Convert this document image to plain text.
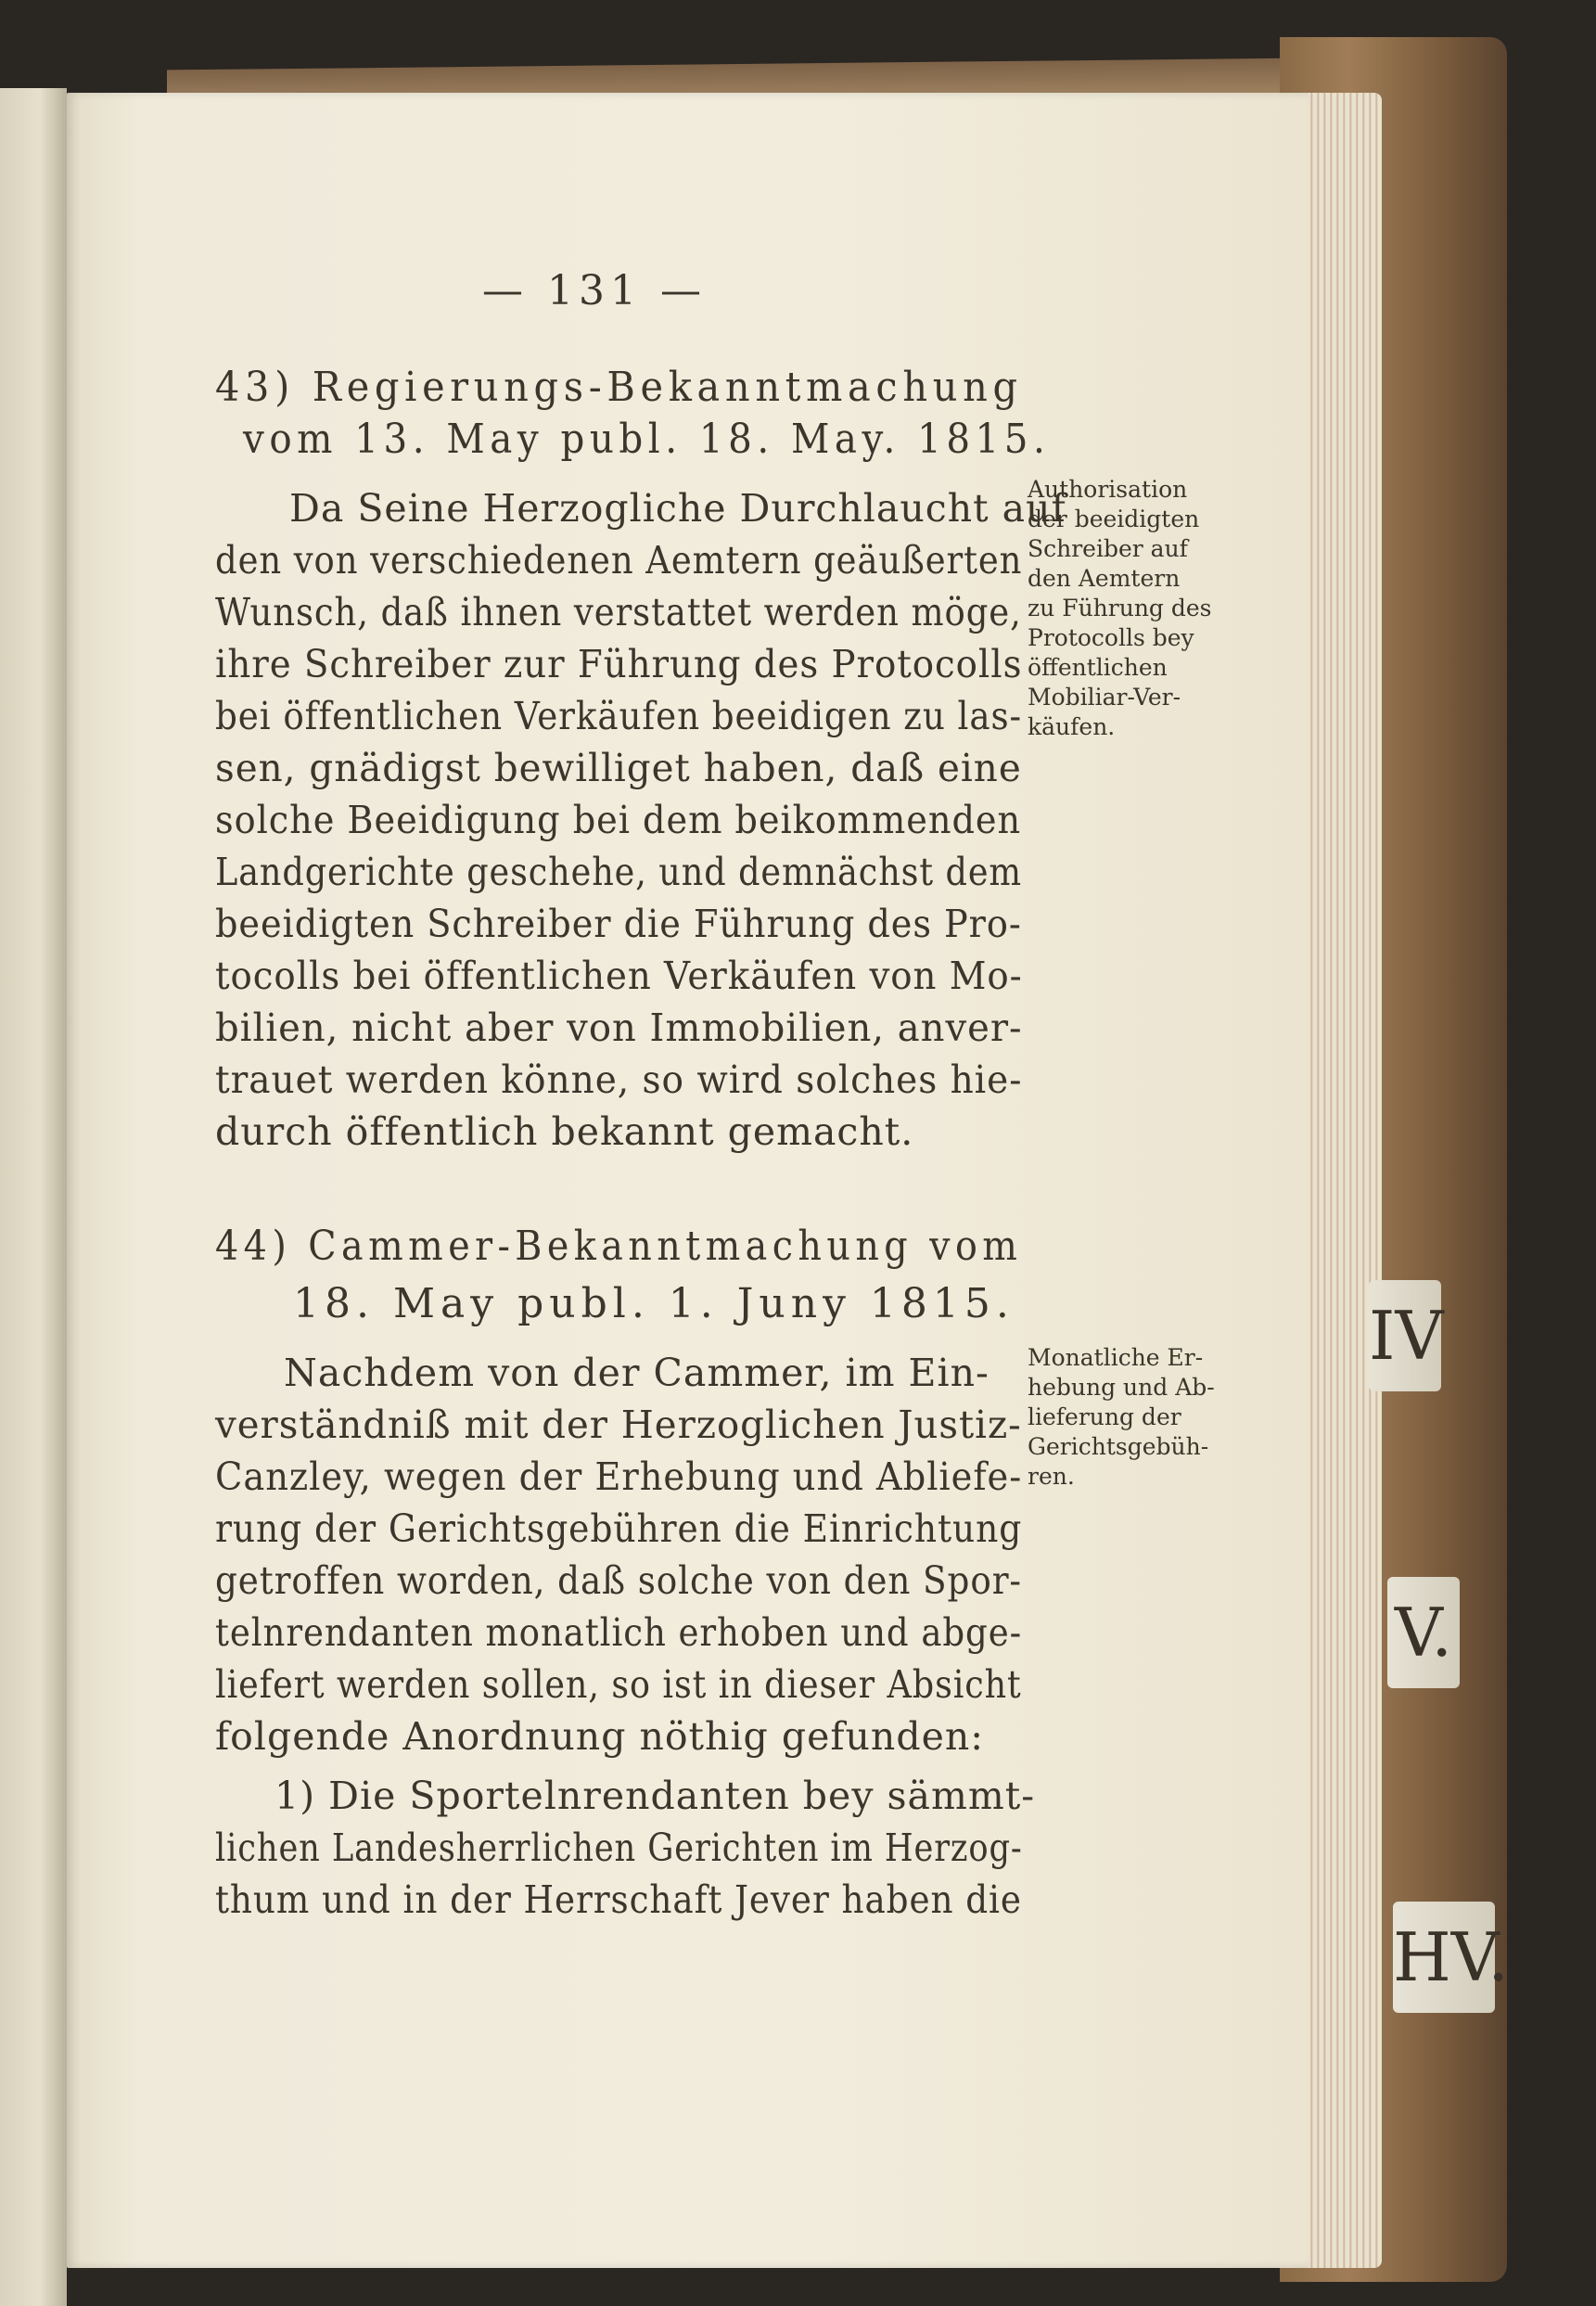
IV
V.
HV.
— 131 —
43) Regierungs-Bekanntmachung
vom 13. May publ. 18. May. 1815.
Da Seine Herzogliche Durchlaucht auf
den von verschiedenen Aemtern geäußerten
Wunsch, daß ihnen verstattet werden möge,
ihre Schreiber zur Führung des Protocolls
bei öffentlichen Verkäufen beeidigen zu las-
sen, gnädigst bewilliget haben, daß eine
solche Beeidigung bei dem beikommenden
Landgerichte geschehe, und demnächst dem
beeidigten Schreiber die Führung des Pro-
tocolls bei öffentlichen Verkäufen von Mo-
bilien, nicht aber von Immobilien, anver-
trauet werden könne, so wird solches hie-
durch öffentlich bekannt gemacht.
Authorisation
der beeidigten
Schreiber auf
den Aemtern
zu Führung des
Protocolls bey
öffentlichen
Mobiliar-Ver-
käufen.
44) Cammer-Bekanntmachung vom
18. May publ. 1. Juny 1815.
Nachdem von der Cammer, im Ein-
verständniß mit der Herzoglichen Justiz-
Canzley, wegen der Erhebung und Abliefe-
rung der Gerichtsgebühren die Einrichtung
getroffen worden, daß solche von den Spor-
telnrendanten monatlich erhoben und abge-
liefert werden sollen, so ist in dieser Absicht
folgende Anordnung nöthig gefunden:
1) Die Sportelnrendanten bey sämmt-
lichen Landesherrlichen Gerichten im Herzog-
thum und in der Herrschaft Jever haben die
Monatliche Er-
hebung und Ab-
lieferung der
Gerichtsgebüh-
ren.
